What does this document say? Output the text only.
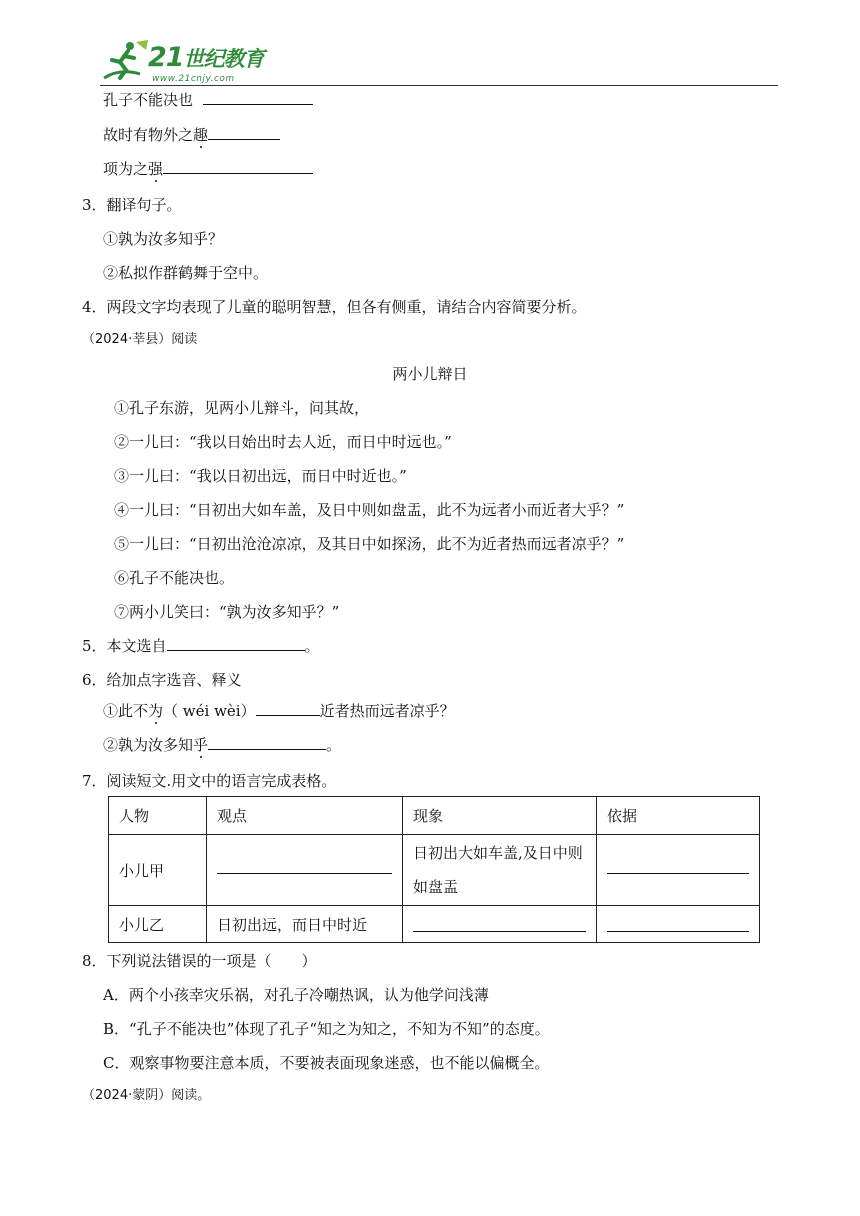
21世纪教育
www.21cnjy.com
孔子不能决也
故时有物外之趣
项为之强
3．翻译句子。
①孰为汝多知乎？
②私拟作群鹤舞于空中。
4．两段文字均表现了儿童的聪明智慧，但各有侧重，请结合内容简要分析。
（2024·莘县）阅读
两小儿辩日
①孔子东游，见两小儿辩斗，问其故，
②一儿曰：“我以日始出时去人近，而日中时远也。”
③一儿曰：“我以日初出远，而日中时近也。”
④一儿曰：“日初出大如车盖，及日中则如盘盂，此不为远者小而近者大乎？”
⑤一儿曰：“日初出沧沧凉凉，及其日中如探汤，此不为近者热而远者凉乎？”
⑥孔子不能决也。
⑦两小儿笑曰：“孰为汝多知乎？”
5．本文选自	。
6．给加点字选音、释义
①此不为（ wéi wèi）	近者热而远者凉乎？
②孰为汝多知乎	。
7．阅读短文.用文中的语言完成表格。
人物	观点	现象	依据
小儿甲		日初出大如车盖,及日中则如盘盂	

小儿乙	日初出远，而日中时近	

8．下列说法错误的一项是（　　）
A．两个小孩幸灾乐祸，对孔子冷嘲热讽，认为他学问浅薄
B．“孔子不能决也”体现了孔子“知之为知之，不知为不知”的态度。
C．观察事物要注意本质，不要被表面现象迷惑，也不能以偏概全。
（2024·蒙阴）阅读。
